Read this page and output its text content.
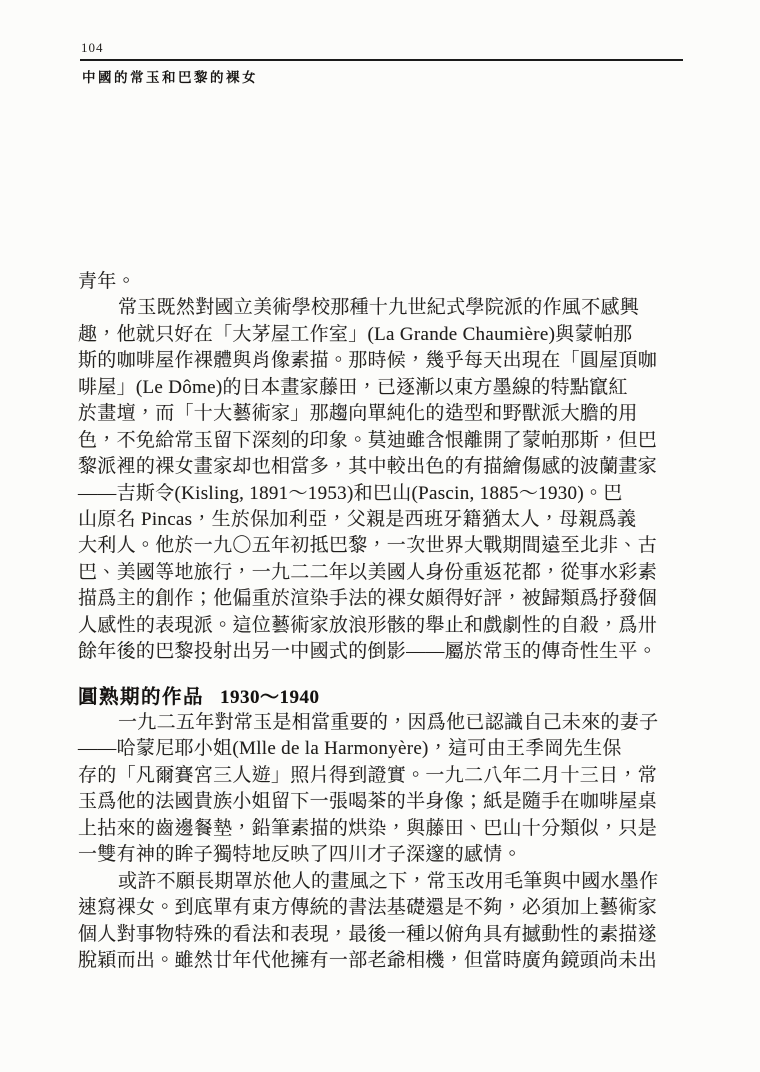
104
中國的常玉和巴黎的裸女
青年。
常玉既然對國立美術學校那種十九世紀式學院派的作風不感興
趣，他就只好在「大茅屋工作室」(La Grande Chaumière)與蒙帕那
斯的咖啡屋作裸體與肖像素描。那時候，幾乎每天出現在「圓屋頂咖
啡屋」(Le Dôme)的日本畫家藤田，已逐漸以東方墨線的特點竄紅
於畫壇，而「十大藝術家」那趨向單純化的造型和野獸派大膽的用
色，不免給常玉留下深刻的印象。莫迪雖含恨離開了蒙帕那斯，但巴
黎派裡的裸女畫家却也相當多，其中較出色的有描繪傷感的波蘭畫家
——吉斯令(Kisling, 1891～1953)和巴山(Pascin, 1885～1930)。巴
山原名 Pincas，生於保加利亞，父親是西班牙籍猶太人，母親爲義
大利人。他於一九〇五年初抵巴黎，一次世界大戰期間遠至北非、古
巴、美國等地旅行，一九二二年以美國人身份重返花都，從事水彩素
描爲主的創作；他偏重於渲染手法的裸女頗得好評，被歸類爲抒發個
人感性的表現派。這位藝術家放浪形骸的舉止和戲劇性的自殺，爲卅
餘年後的巴黎投射出另一中國式的倒影——屬於常玉的傳奇性生平。
圓熟期的作品 1930～1940
一九二五年對常玉是相當重要的，因爲他已認識自己未來的妻子
——哈蒙尼耶小姐(Mlle de la Harmonyère)，這可由王季岡先生保
存的「凡爾賽宮三人遊」照片得到證實。一九二八年二月十三日，常
玉爲他的法國貴族小姐留下一張喝茶的半身像；紙是隨手在咖啡屋桌
上拈來的齒邊餐墊，鉛筆素描的烘染，與藤田、巴山十分類似，只是
一雙有神的眸子獨特地反映了四川才子深邃的感情。
或許不願長期罩於他人的畫風之下，常玉改用毛筆與中國水墨作
速寫裸女。到底單有東方傳統的書法基礎還是不夠，必須加上藝術家
個人對事物特殊的看法和表現，最後一種以俯角具有撼動性的素描遂
脫穎而出。雖然廿年代他擁有一部老爺相機，但當時廣角鏡頭尚未出
